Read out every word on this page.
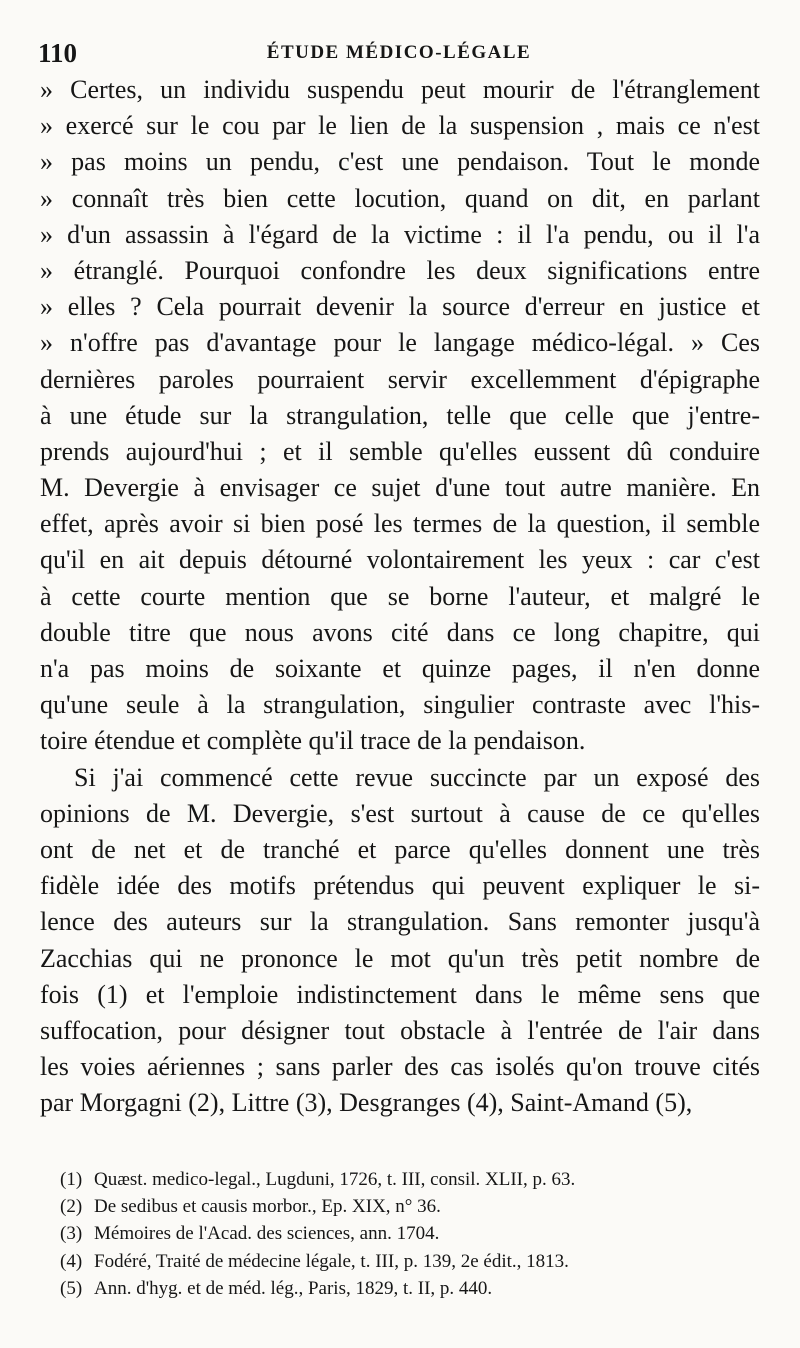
110	ÉTUDE MÉDICO-LÉGALE
» Certes, un individu suspendu peut mourir de l'étranglement
» exercé sur le cou par le lien de la suspension , mais ce n'est
» pas moins un pendu, c'est une pendaison. Tout le monde
» connaît très bien cette locution, quand on dit, en parlant
» d'un assassin à l'égard de la victime : il l'a pendu, ou il l'a
» étranglé. Pourquoi confondre les deux significations entre
» elles ? Cela pourrait devenir la source d'erreur en justice et
» n'offre pas d'avantage pour le langage médico-légal. » Ces
dernières paroles pourraient servir excellemment d'épigraphe
à une étude sur la strangulation, telle que celle que j'entre-
prends aujourd'hui ; et il semble qu'elles eussent dû conduire
M. Devergie à envisager ce sujet d'une tout autre manière. En
effet, après avoir si bien posé les termes de la question, il semble
qu'il en ait depuis détourné volontairement les yeux : car c'est
à cette courte mention que se borne l'auteur, et malgré le
double titre que nous avons cité dans ce long chapitre, qui
n'a pas moins de soixante et quinze pages, il n'en donne
qu'une seule à la strangulation, singulier contraste avec l'his-
toire étendue et complète qu'il trace de la pendaison.
Si j'ai commencé cette revue succincte par un exposé des
opinions de M. Devergie, s'est surtout à cause de ce qu'elles
ont de net et de tranché et parce qu'elles donnent une très
fidèle idée des motifs prétendus qui peuvent expliquer le si-
lence des auteurs sur la strangulation. Sans remonter jusqu'à
Zacchias qui ne prononce le mot qu'un très petit nombre de
fois (1) et l'emploie indistinctement dans le même sens que
suffocation, pour désigner tout obstacle à l'entrée de l'air dans
les voies aériennes ; sans parler des cas isolés qu'on trouve cités
par Morgagni (2), Littre (3), Desgranges (4), Saint-Amand (5),
(1) Quæst. medico-legal., Lugduni, 1726, t. III, consil. XLII, p. 63.
(2) De sedibus et causis morbor., Ep. XIX, n° 36.
(3) Mémoires de l'Acad. des sciences, ann. 1704.
(4) Fodéré, Traité de médecine légale, t. III, p. 139, 2e édit., 1813.
(5) Ann. d'hyg. et de méd. lég., Paris, 1829, t. II, p. 440.
